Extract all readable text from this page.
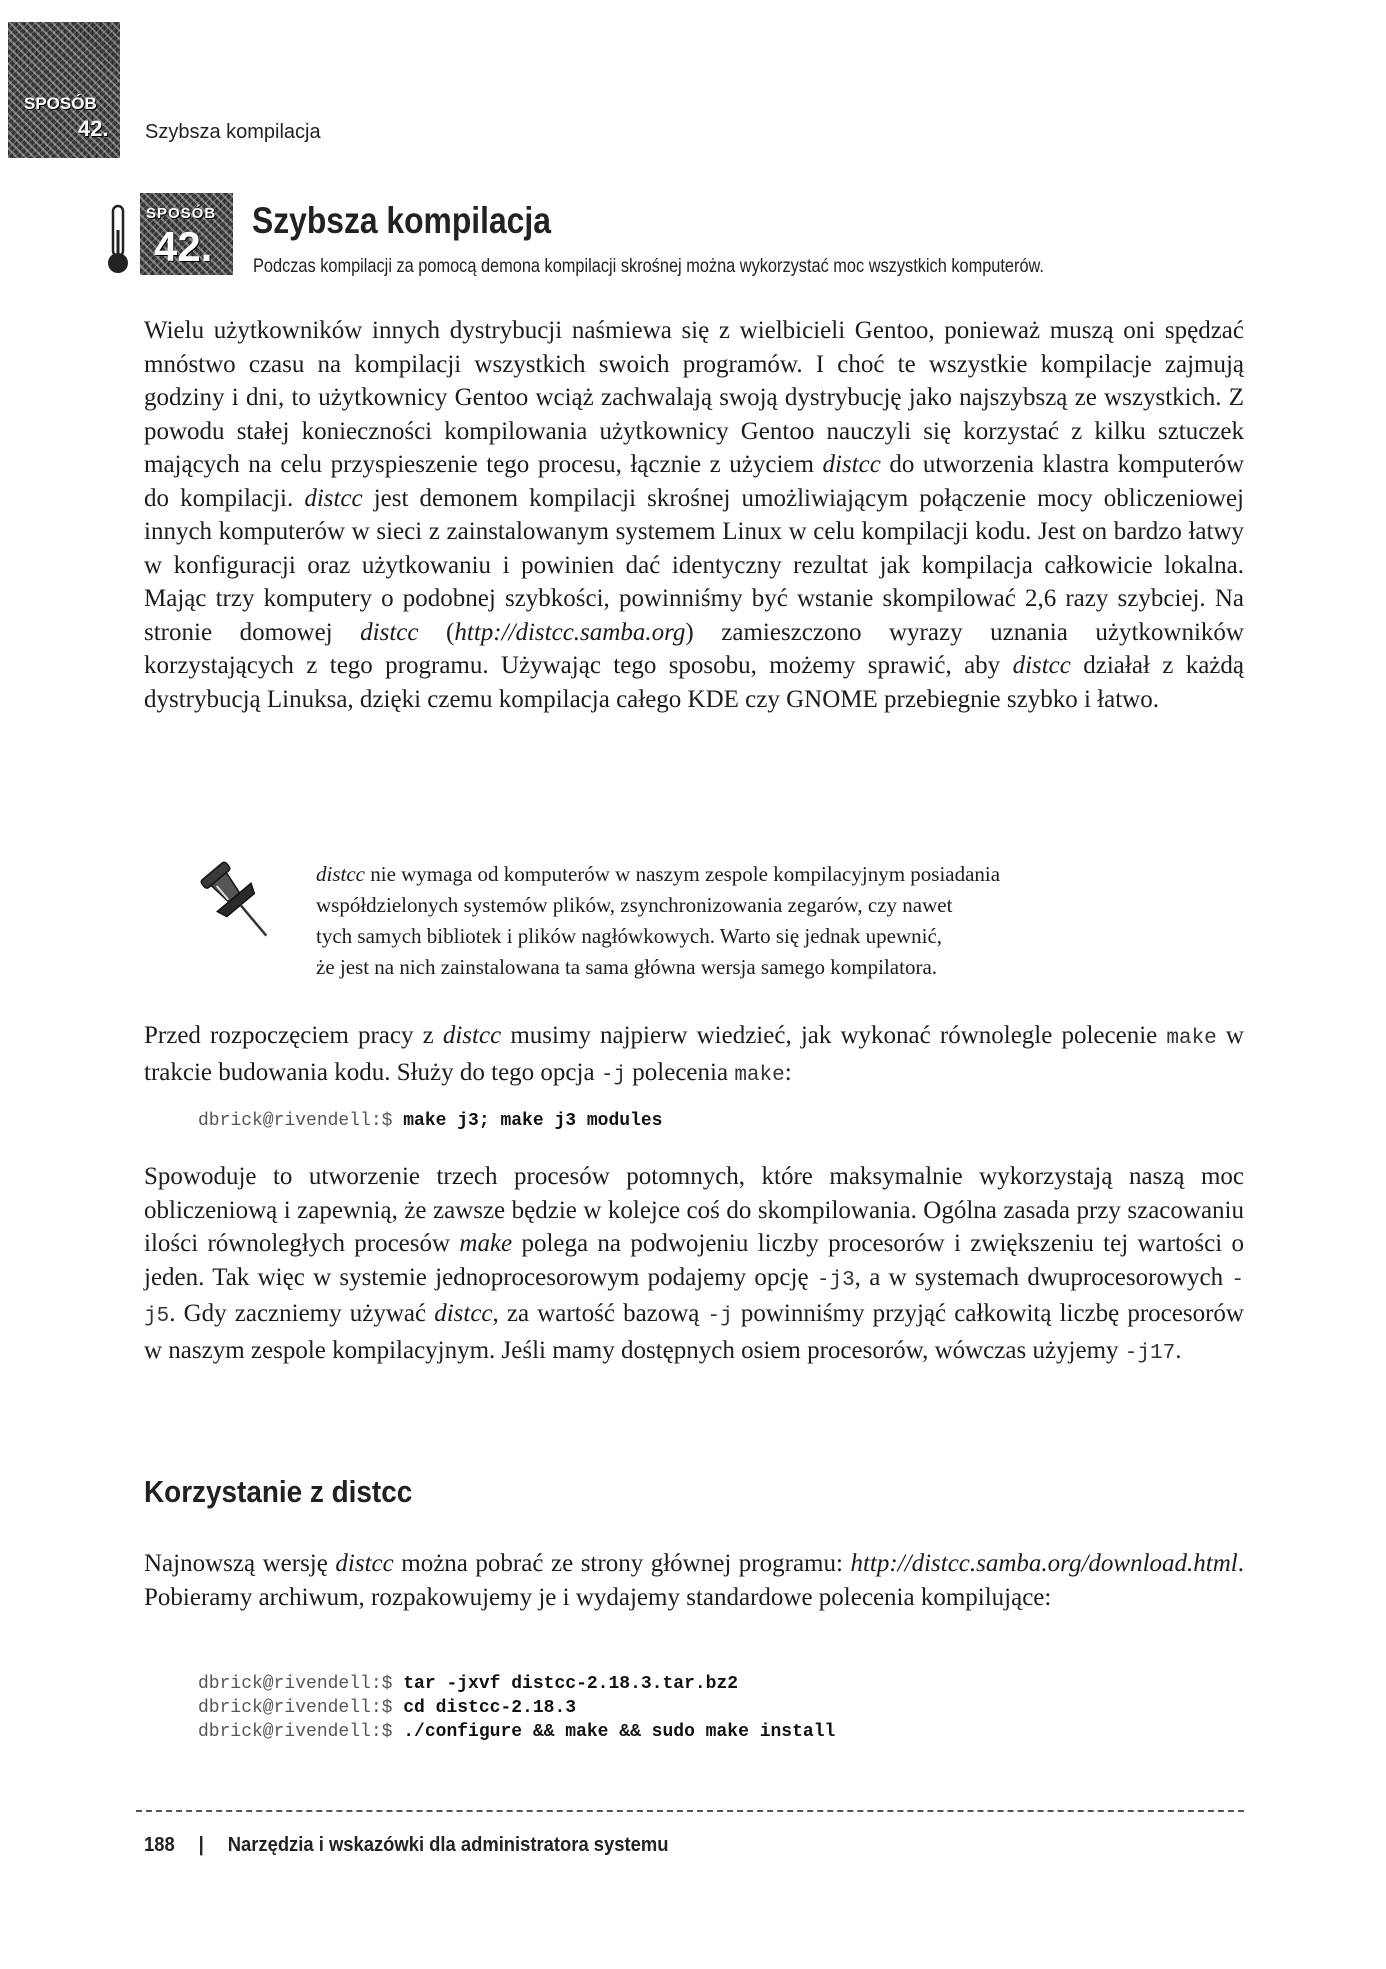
SPOSÓB
42. Szybsza kompilacja
SPOSÓB
42.
Szybsza kompilacja
Podczas kompilacji za pomocą demona kompilacji skrośnej można wykorzystać moc wszystkich komputerów.

Wielu użytkowników innych dystrybucji naśmiewa się z wielbicieli Gentoo, ponieważ muszą oni spędzać mnóstwo czasu na kompilacji wszystkich swoich programów. I choć te wszystkie kompilacje zajmują godziny i dni, to użytkownicy Gentoo wciąż zachwalają swoją dystrybucję jako najszybszą ze wszystkich. Z powodu stałej konieczności kompilowania użytkownicy Gentoo nauczyli się korzystać z kilku sztuczek mających na celu przyspieszenie tego procesu, łącznie z użyciem distcc do utworzenia klastra komputerów do kompilacji. distcc jest demonem kompilacji skrośnej umożliwiającym połączenie mocy obliczeniowej innych komputerów w sieci z zainstalowanym systemem Linux w celu kompilacji kodu. Jest on bardzo łatwy w konfiguracji oraz użytkowaniu i powinien dać identyczny rezultat jak kompilacja całkowicie lokalna. Mając trzy komputery o podobnej szybkości, powinniśmy być wstanie skompilować 2,6 razy szybciej. Na stronie domowej distcc (http://distcc.samba.org) zamieszczono wyrazy uznania użytkowników korzystających z tego programu. Używając tego sposobu, możemy sprawić, aby distcc działał z każdą dystrybucją Linuksa, dzięki czemu kompilacja całego KDE czy GNOME przebiegnie szybko i łatwo.

distcc nie wymaga od komputerów w naszym zespole kompilacyjnym posiadania
współdzielonych systemów plików, zsynchronizowania zegarów, czy nawet
tych samych bibliotek i plików nagłówkowych. Warto się jednak upewnić,
że jest na nich zainstalowana ta sama główna wersja samego kompilatora.

Przed rozpoczęciem pracy z distcc musimy najpierw wiedzieć, jak wykonać równolegle polecenie make w trakcie budowania kodu. Służy do tego opcja -j polecenia make:

dbrick@rivendell:$ make j3; make j3 modules

Spowoduje to utworzenie trzech procesów potomnych, które maksymalnie wykorzystają naszą moc obliczeniową i zapewnią, że zawsze będzie w kolejce coś do skompilowania. Ogólna zasada przy szacowaniu ilości równoległych procesów make polega na podwojeniu liczby procesorów i zwiększeniu tej wartości o jeden. Tak więc w systemie jednoprocesorowym podajemy opcję -j3, a w systemach dwuprocesorowych -j5. Gdy zaczniemy używać distcc, za wartość bazową -j powinniśmy przyjąć całkowitą liczbę procesorów w naszym zespole kompilacyjnym. Jeśli mamy dostępnych osiem procesorów, wówczas użyjemy -j17.

Korzystanie z distcc

Najnowszą wersję distcc można pobrać ze strony głównej programu: http://distcc.samba.org/download.html. Pobieramy archiwum, rozpakowujemy je i wydajemy standardowe polecenia kompilujące:

dbrick@rivendell:$ tar -jxvf distcc-2.18.3.tar.bz2
dbrick@rivendell:$ cd distcc-2.18.3
dbrick@rivendell:$ ./configure && make && sudo make install
188 | Narzędzia i wskazówki dla administratora systemu
